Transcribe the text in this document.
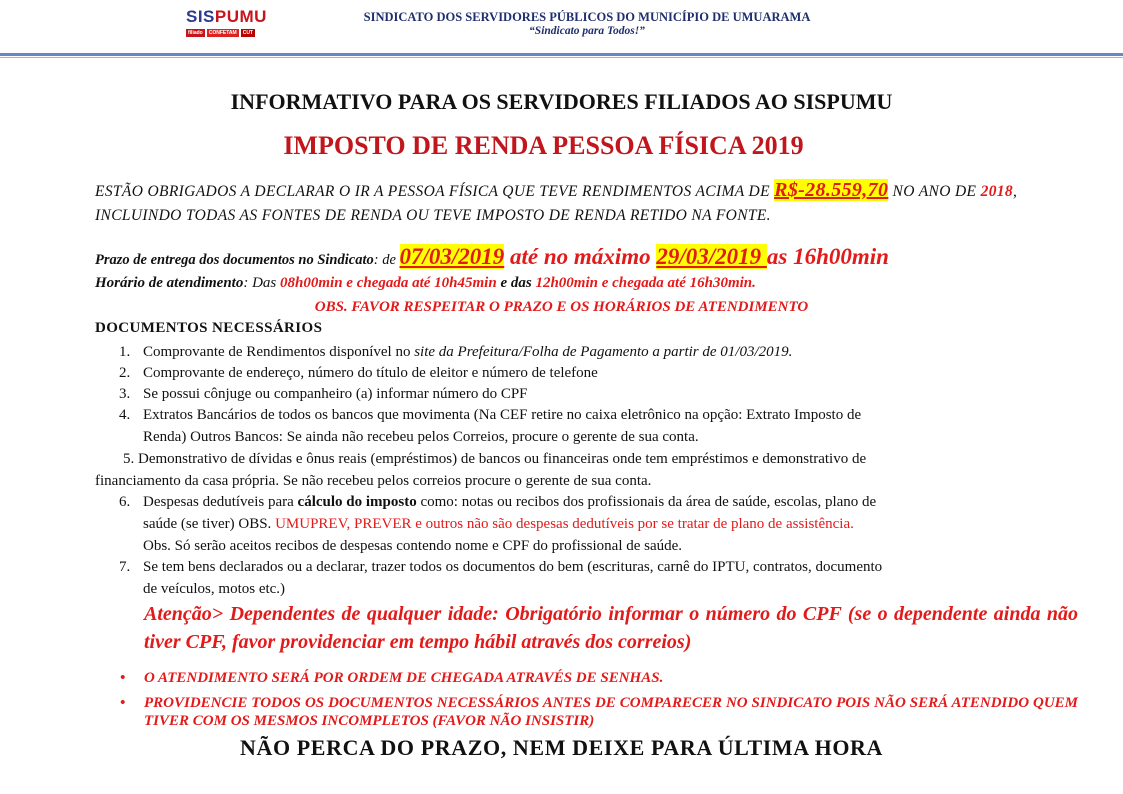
SISPUMU
filiado	CONFETAM	CUT
SINDICATO DOS SERVIDORES PÚBLICOS DO MUNICÍPIO DE UMUARAMA
“Sindicato para Todos!”
INFORMATIVO PARA OS SERVIDORES FILIADOS AO SISPUMU
IMPOSTO DE RENDA PESSOA FÍSICA 2019
ESTÃO OBRIGADOS A DECLARAR O IR A PESSOA FÍSICA QUE TEVE RENDIMENTOS ACIMA DE R$-28.559,70 NO ANO DE 2018, INCLUINDO TODAS AS FONTES DE RENDA OU TEVE IMPOSTO DE RENDA RETIDO NA FONTE.
Prazo de entrega dos documentos no Sindicato: de 07/03/2019 até no máximo 29/03/2019 as 16h00min
Horário de atendimento: Das 08h00min e chegada até 10h45min e das 12h00min e chegada até 16h30min.
OBS. FAVOR RESPEITAR O PRAZO E OS HORÁRIOS DE ATENDIMENTO
DOCUMENTOS NECESSÁRIOS
1. Comprovante de Rendimentos disponível no site da Prefeitura/Folha de Pagamento a partir de 01/03/2019.
2. Comprovante de endereço, número do título de eleitor e número de telefone
3. Se possui cônjuge ou companheiro (a) informar número do CPF
4. Extratos Bancários de todos os bancos que movimenta (Na CEF retire no caixa eletrônico na opção: Extrato Imposto de
Renda) Outros Bancos: Se ainda não recebeu pelos Correios, procure o gerente de sua conta.
5. Demonstrativo de dívidas e ônus reais (empréstimos) de bancos ou financeiras onde tem empréstimos e demonstrativo de
financiamento da casa própria. Se não recebeu pelos correios procure o gerente de sua conta.
6. Despesas dedutíveis para cálculo do imposto como: notas ou recibos dos profissionais da área de saúde, escolas, plano de
saúde (se tiver) OBS. UMUPREV, PREVER e outros não são despesas dedutíveis por se tratar de plano de assistência.
Obs. Só serão aceitos recibos de despesas contendo nome e CPF do profissional de saúde.
7. Se tem bens declarados ou a declarar, trazer todos os documentos do bem (escrituras, carnê do IPTU, contratos, documento
de veículos, motos etc.)
Atenção> Dependentes de qualquer idade: Obrigatório informar o número do CPF (se o dependente ainda não tiver CPF, favor providenciar em tempo hábil através dos correios)
• O ATENDIMENTO SERÁ POR ORDEM DE CHEGADA ATRAVÉS DE SENHAS.
• PROVIDENCIE TODOS OS DOCUMENTOS NECESSÁRIOS ANTES DE COMPARECER NO SINDICATO POIS NÃO SERÁ ATENDIDO QUEM TIVER COM OS MESMOS INCOMPLETOS (FAVOR NÃO INSISTIR)
NÃO PERCA DO PRAZO, NEM DEIXE PARA ÚLTIMA HORA
